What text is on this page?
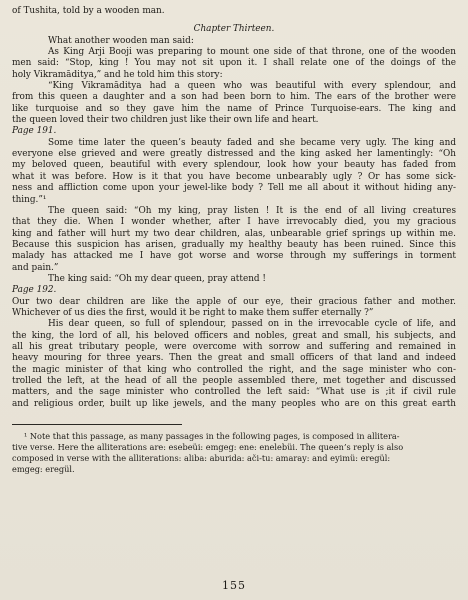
of Tushita, told by a wooden man.
Chapter Thirteen.
What another wooden man said:
As King Arji Booji was preparing to mount one side of that throne, one of the wooden
men said: “Stop, king ! You may not sit upon it. I shall relate one of the doings of the
holy Vikramāditya,” and he told him this story:
“King Vikramāditya had a queen who was beautiful with every splendour, and
from this queen a daughter and a son had been born to him. The ears of the brother were
like turquoise and so they gave him the name of Prince Turquoise-ears. The king and
the queen loved their two children just like their own life and heart.
Page 191.
Some time later the queen’s beauty faded and she became very ugly. The king and
everyone else grieved and were greatly distressed and the king asked her lamentingly: “Oh
my beloved queen, beautiful with every splendour, look how your beauty has faded from
what it was before. How is it that you have become unbearably ugly ? Or has some sick-
ness and affliction come upon your jewel-like body ? Tell me all about it without hiding any-
thing.”¹
The queen said: “Oh my king, pray listen ! It is the end of all living creatures
that they die. When I wonder whether, after I have irrevocably died, you my gracious
king and father will hurt my two dear children, alas, unbearable grief springs up within me.
Because this suspicion has arisen, gradually my healthy beauty has been ruined. Since this
malady has attacked me I have got worse and worse through my sufferings in torment
and pain.”
The king said: “Oh my dear queen, pray attend !
Page 192.
Our two dear children are like the apple of our eye, their gracious father and mother.
Whichever of us dies the first, would it be right to make them suffer eternally ?”
His dear queen, so full of splendour, passed on in the irrevocable cycle of life, and
the king, the lord of all, his beloved officers and nobles, great and small, his subjects, and
all his great tributary people, were overcome with sorrow and suffering and remained in
heavy mouring for three years. Then the great and small officers of that land and indeed
the magic minister of that king who controlled the right, and the sage minister who con-
trolled the left, at the head of all the people assembled there, met together and discussed
matters, and the sage minister who controlled the left said: “What use is ;it if civil rule
and religious order, built up like jewels, and the many peoples who are on this great earth
¹ Note that this passage, as many passages in the following pages, is composed in allitera-
tive verse. Here the alliterations are: esebeüi: emgeg: ene: enelebüi. The queen’s reply is also
composed in verse with the alliterations: aliba: aburida: ači-tu: amaray: and eyimü: eregül:
emgeg: eregül.
155
